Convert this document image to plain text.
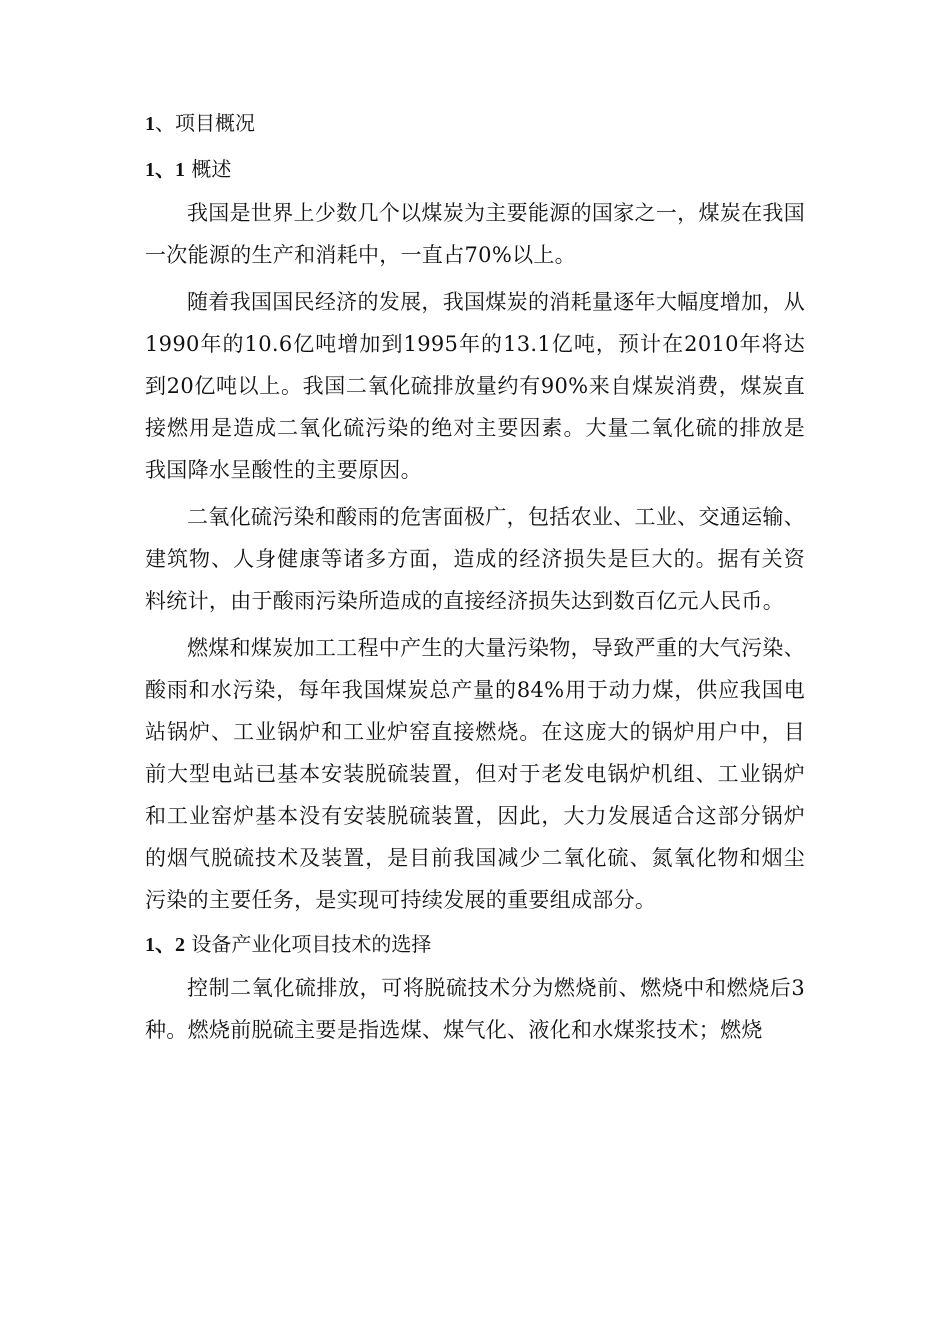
1、项目概况
1、1 概述

我国是世界上少数几个以煤炭为主要能源的国家之一，煤炭在我国一次能源的生产和消耗中，一直占70%以上。

随着我国国民经济的发展，我国煤炭的消耗量逐年大幅度增加，从1990年的10.6亿吨增加到1995年的13.1亿吨，预计在2010年将达到20亿吨以上。我国二氧化硫排放量约有90%来自煤炭消费，煤炭直接燃用是造成二氧化硫污染的绝对主要因素。大量二氧化硫的排放是我国降水呈酸性的主要原因。

二氧化硫污染和酸雨的危害面极广，包括农业、工业、交通运输、建筑物、人身健康等诸多方面，造成的经济损失是巨大的。据有关资料统计，由于酸雨污染所造成的直接经济损失达到数百亿元人民币。

燃煤和煤炭加工工程中产生的大量污染物，导致严重的大气污染、酸雨和水污染，每年我国煤炭总产量的84%用于动力煤，供应我国电站锅炉、工业锅炉和工业炉窑直接燃烧。在这庞大的锅炉用户中，目前大型电站已基本安装脱硫装置，但对于老发电锅炉机组、工业锅炉和工业窑炉基本没有安装脱硫装置，因此，大力发展适合这部分锅炉的烟气脱硫技术及装置，是目前我国减少二氧化硫、氮氧化物和烟尘污染的主要任务，是实现可持续发展的重要组成部分。

1、2 设备产业化项目技术的选择

控制二氧化硫排放，可将脱硫技术分为燃烧前、燃烧中和燃烧后3种。燃烧前脱硫主要是指选煤、煤气化、液化和水煤浆技术；燃烧
